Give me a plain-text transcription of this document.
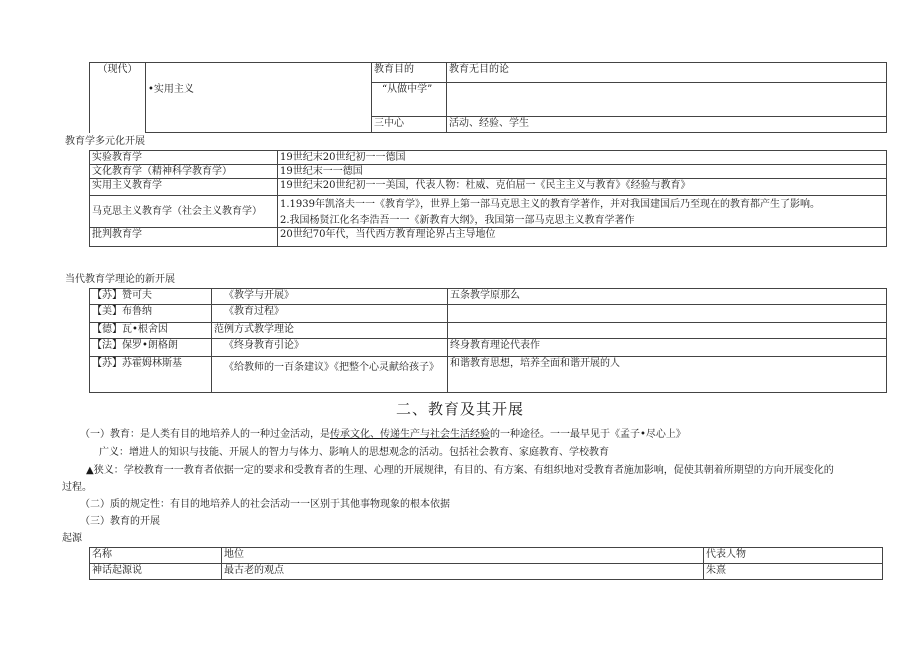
（现代）	•实用主义	教育目的	教育无目的论
		“从做中学”	
		三中心	活动、经验、学生
教育学多元化开展
实验教育学	19世纪末20世纪初一一德国
文化教育学（精神科学教育学）	19世纪末一一德国
实用主义教育学	19世纪末20世纪初一一美国，代表人物：杜威、克伯屈一《民主主义与教育》《经验与教育》
马克思主义教育学（社会主义教育学）	1.1939年凯洛夫一一《教育学》，世界上第一部马克思主义的教育学著作，并对我国建国后乃至现在的教育都产生了影响。
2.我国杨贤江化名李浩吾一一《新教育大纲》，我国第一部马克思主义教育学著作

批判教育学	20世纪70年代，当代西方教育理论界占主导地位
当代教育学理论的新开展
【苏】赞可夫	《教学与开展》	五条教学原那么
【美】布鲁纳	《教育过程》	
【德】瓦•根舍因	范例方式教学理论	
【法】保罗•朗格朗	《终身教育引论》	终身教育理论代表作
【苏】苏霍姆林斯基	《给教师的一百条建议》《把整个心灵献给孩子》	和谐教育思想，培养全面和谐开展的人
二、教育及其开展
（一）教育：是人类有目的地培养人的一种过金活动，是传承文化、传递生产与社会生活经验的一种途径。一一最早见于《孟子•尽心上》
广义：增进人的知识与技能、开展人的智力与体力、影响人的思想观念的活动。包括社会教育、家庭教育、学校教育
▲狭义：学校教育一一教育者依据一定的要求和受教育者的生理、心理的开展规律，有目的、有方案、有组织地对受教育者施加影响，促使其朝着所期望的方向开展变化的
过程。
（二）质的规定性：有目的地培养人的社会活动一一区别于其他事物现象的根本依据
（三）教育的开展
起源
名称	地位	代表人物
神话起源说	最古老的观点	朱熹
